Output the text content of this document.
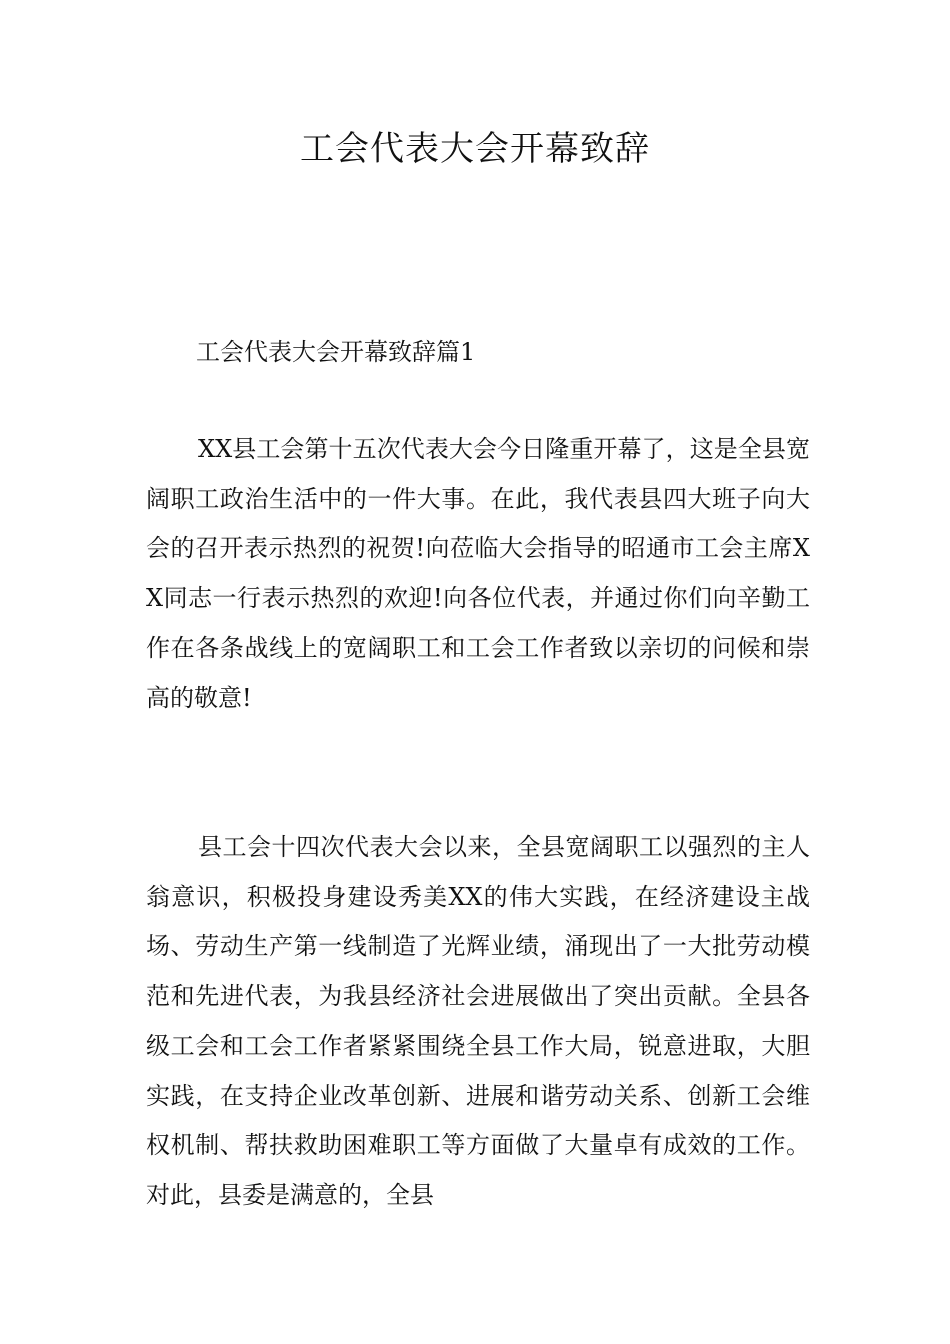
工会代表大会开幕致辞
工会代表大会开幕致辞篇1

XX县工会第十五次代表大会今日隆重开幕了，这是全县宽阔职工政治生活中的一件大事。在此，我代表县四大班子向大会的召开表示热烈的祝贺!向莅临大会指导的昭通市工会主席XX同志一行表示热烈的欢迎!向各位代表，并通过你们向辛勤工作在各条战线上的宽阔职工和工会工作者致以亲切的问候和崇高的敬意!

县工会十四次代表大会以来，全县宽阔职工以强烈的主人翁意识，积极投身建设秀美XX的伟大实践，在经济建设主战场、劳动生产第一线制造了光辉业绩，涌现出了一大批劳动模范和先进代表，为我县经济社会进展做出了突出贡献。全县各级工会和工会工作者紧紧围绕全县工作大局，锐意进取，大胆实践，在支持企业改革创新、进展和谐劳动关系、创新工会维权机制、帮扶救助困难职工等方面做了大量卓有成效的工作。对此，县委是满意的，全县
